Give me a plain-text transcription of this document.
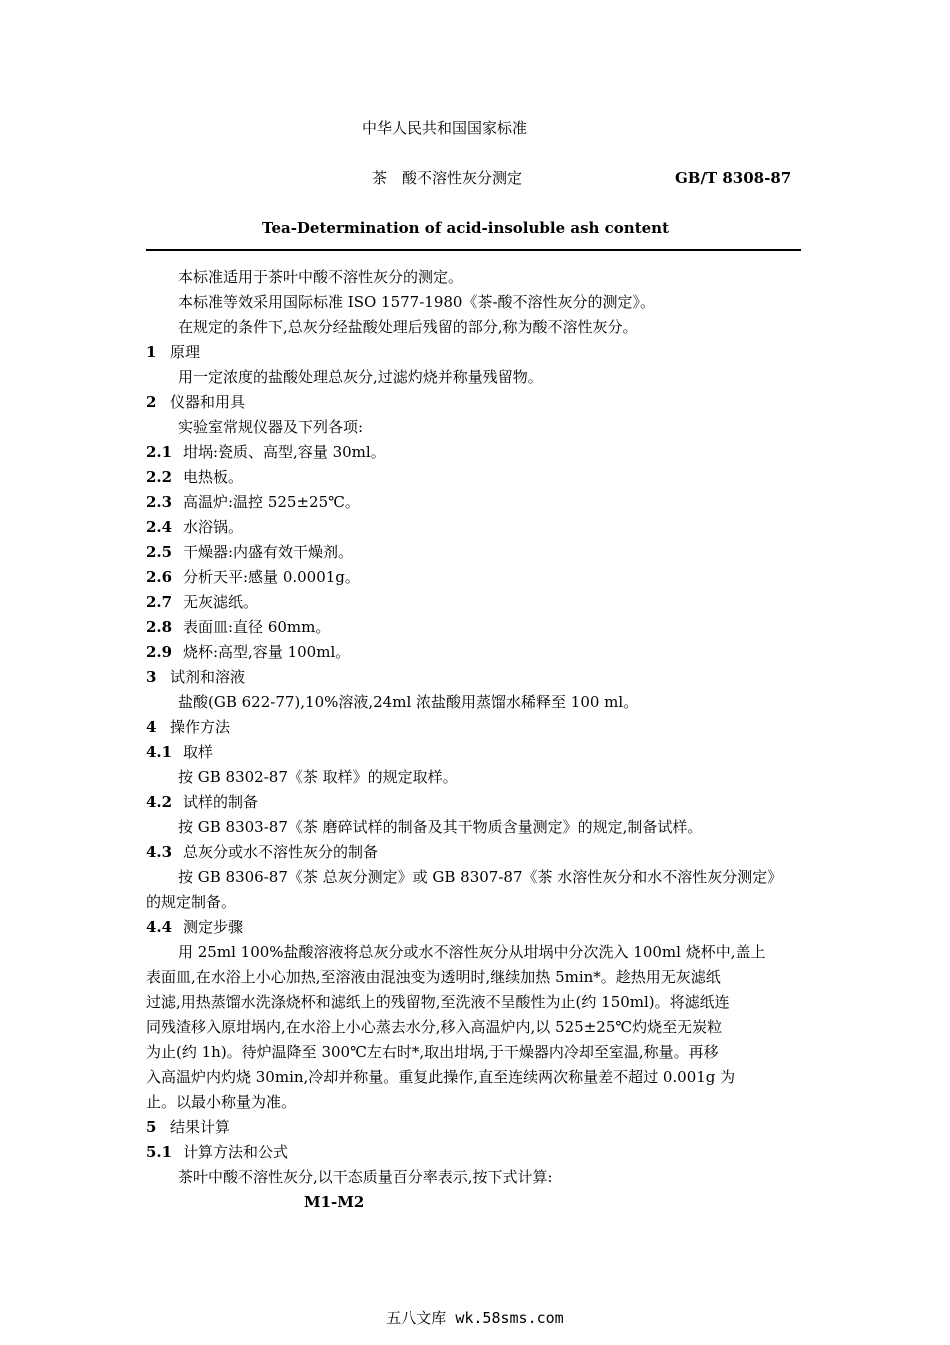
中华人民共和国国家标准
茶　酸不溶性灰分测定	GB/T 8308-87
Tea-Determination of acid-insoluble ash content
本标准适用于茶叶中酸不溶性灰分的测定。
本标准等效采用国际标准 ISO 1577-1980《茶-酸不溶性灰分的测定》。
在规定的条件下,总灰分经盐酸处理后残留的部分,称为酸不溶性灰分。
1 原理
用一定浓度的盐酸处理总灰分,过滤灼烧并称量残留物。
2 仪器和用具
实验室常规仪器及下列各项:
2.1 坩埚:瓷质、高型,容量 30ml。
2.2 电热板。
2.3 高温炉:温控 525±25℃。
2.4 水浴锅。
2.5 干燥器:内盛有效干燥剂。
2.6 分析天平:感量 0.0001g。
2.7 无灰滤纸。
2.8 表面皿:直径 60mm。
2.9 烧杯:高型,容量 100ml。
3 试剂和溶液
盐酸(GB 622-77),10%溶液,24ml 浓盐酸用蒸馏水稀释至 100 ml。
4 操作方法
4.1 取样
按 GB 8302-87《茶 取样》的规定取样。
4.2 试样的制备
按 GB 8303-87《茶 磨碎试样的制备及其干物质含量测定》的规定,制备试样。
4.3 总灰分或水不溶性灰分的制备
按 GB 8306-87《茶 总灰分测定》或 GB 8307-87《茶 水溶性灰分和水不溶性灰分测定》
的规定制备。
4.4 测定步骤
用 25ml 100%盐酸溶液将总灰分或水不溶性灰分从坩埚中分次洗入 100ml 烧杯中,盖上
表面皿,在水浴上小心加热,至溶液由混浊变为透明时,继续加热 5min*。趁热用无灰滤纸
过滤,用热蒸馏水洗涤烧杯和滤纸上的残留物,至洗液不呈酸性为止(约 150ml)。将滤纸连
同残渣移入原坩埚内,在水浴上小心蒸去水分,移入高温炉内,以 525±25℃灼烧至无炭粒
为止(约 1h)。待炉温降至 300℃左右时*,取出坩埚,于干燥器内冷却至室温,称量。再移
入高温炉内灼烧 30min,冷却并称量。重复此操作,直至连续两次称量差不超过 0.001g 为
止。以最小称量为准。
5 结果计算
5.1 计算方法和公式
茶叶中酸不溶性灰分,以干态质量百分率表示,按下式计算:
M1-M2
五八文库 wk.58sms.com
